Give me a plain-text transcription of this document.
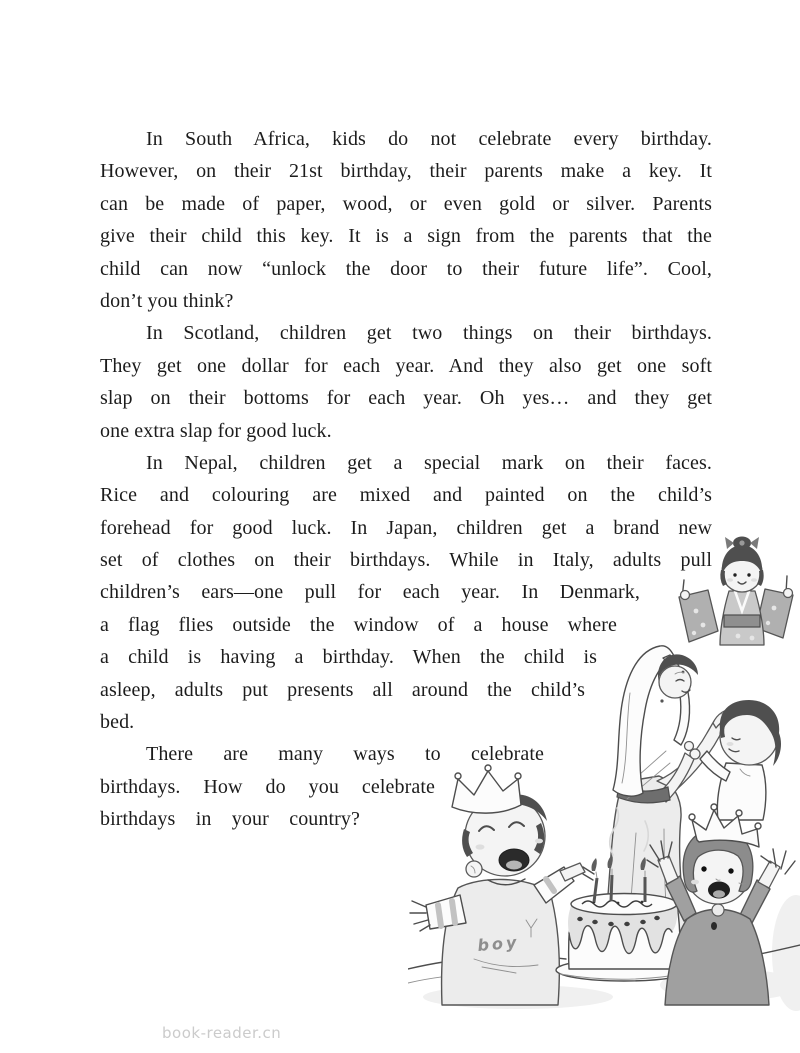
In South Africa, kids do not celebrate every birthday.
However, on their 21st birthday, their parents make a key. It
can be made of paper, wood, or even gold or silver. Parents
give their child this key. It is a sign from the parents that the
child can now “unlock the door to their future life”. Cool,
don’t you think?
In Scotland, children get two things on their birthdays.
They get one dollar for each year. And they also get one soft
slap on their bottoms for each year. Oh yes… and they get
one extra slap for good luck.
In Nepal, children get a special mark on their faces.
Rice and colouring are mixed and painted on the child’s
forehead for good luck. In Japan, children get a brand new
set of clothes on their birthdays. While in Italy, adults pull
children’s ears—one pull for each year. In Denmark,
a flag flies outside the window of a house where
a child is having a birthday. When the child is
asleep, adults put presents all around the child’s
bed.
There are many ways to celebrate
birthdays. How do you celebrate
birthdays in your country?
boy
book-reader.cn
